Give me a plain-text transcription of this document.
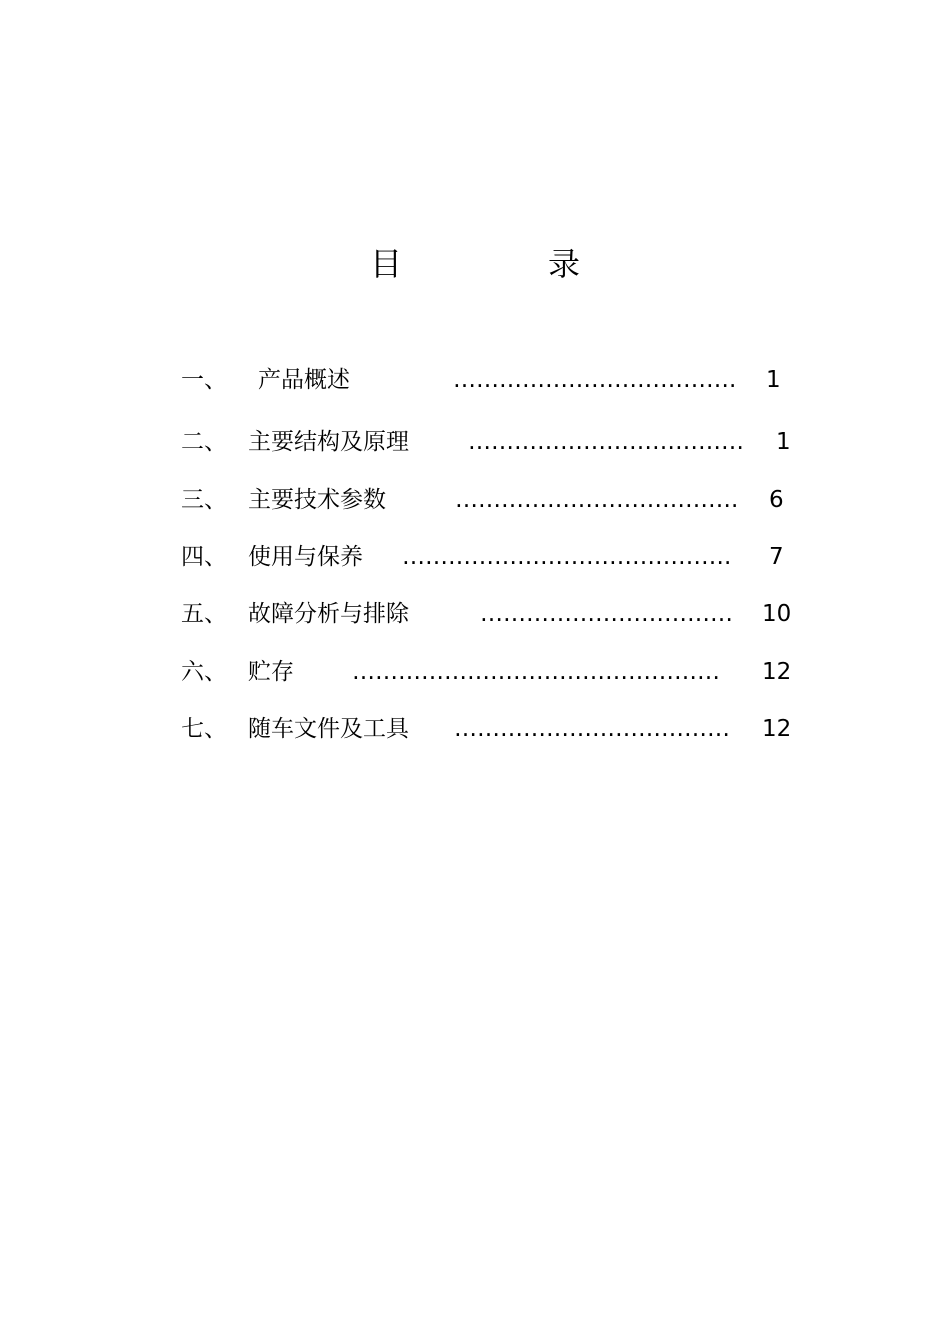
目	录
一、 产品概述	………………………………. 1
二、 主要结构及原理	……………………………… 1
三、 主要技术参数	………………………………. 6
四、 使用与保养 ……………………………………. 7
五、 故障分析与排除	…………………………… 10
六、 贮存	………………………………………… 12
七、 随车文件及工具 ……………………………… 12
